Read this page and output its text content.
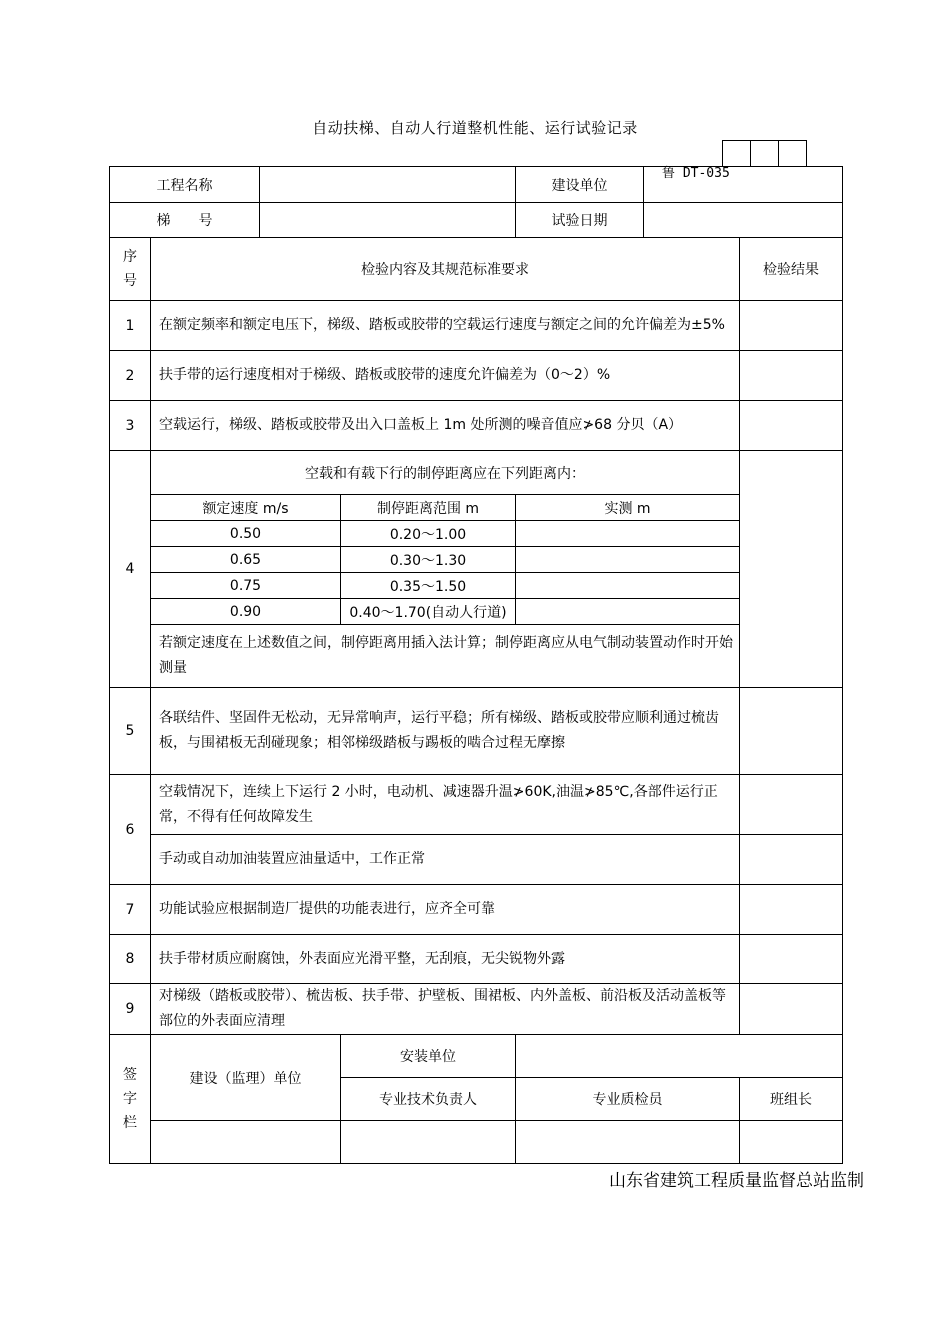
自动扶梯、自动人行道整机性能、运行试验记录
鲁 DT-035
工程名称		建设单位	
梯　　号		试验日期	
序
号	检验内容及其规范标准要求			检验结果
1	在额定频率和额定电压下，梯级、踏板或胶带的空载运行速度与额定之间的允许偏差为±5%			
2	扶手带的运行速度相对于梯级、踏板或胶带的速度允许偏差为（0～2）%			
3	空载运行，梯级、踏板或胶带及出入口盖板上 1m 处所测的噪音值应≯68 分贝（A）			
4	空载和有载下行的制停距离应在下列距离内：			
	额定速度 m/s	制停距离范围 m	实测 m	
	0.50	0.20～1.00		
	0.65	0.30～1.30		
	0.75	0.35～1.50		
	0.90	0.40～1.70(自动人行道)		
	若额定速度在上述数值之间，制停距离用插入法计算；制停距离应从电气制动装置动作时开始测量			
5	各联结件、坚固件无松动，无异常响声，运行平稳；所有梯级、踏板或胶带应顺利通过梳齿板，与围裙板无刮碰现象；相邻梯级踏板与踢板的啮合过程无摩擦			
6	空载情况下，连续上下运行 2 小时，电动机、减速器升温≯60K,油温≯85℃,各部件运行正常，不得有任何故障发生			
	手动或自动加油装置应油量适中，工作正常			
7	功能试验应根据制造厂提供的功能表进行，应齐全可靠			
8	扶手带材质应耐腐蚀，外表面应光滑平整，无刮痕，无尖锐物外露			
9	对梯级（踏板或胶带）、梳齿板、扶手带、护壁板、围裙板、内外盖板、前沿板及活动盖板等部位的外表面应清理			

签
字
栏	建设（监理）单位	安装单位		
		专业技术负责人	专业质检员	班组长

山东省建筑工程质量监督总站监制
